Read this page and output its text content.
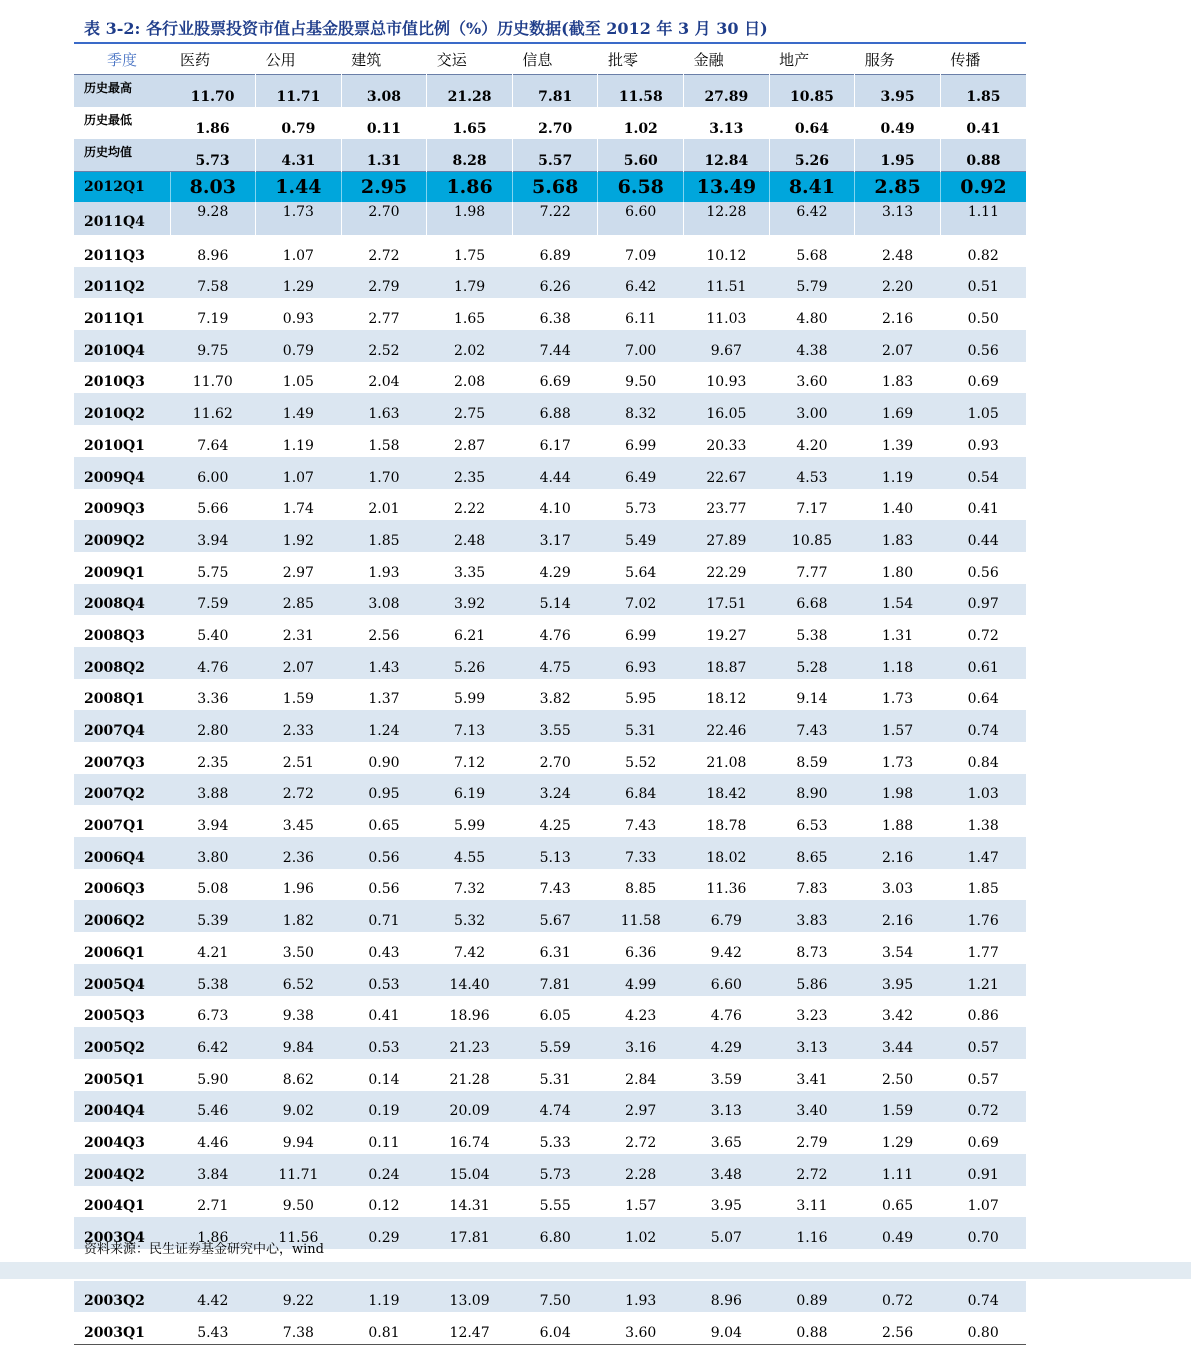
表 3-2: 各行业股票投资市值占基金股票总市值比例（%）历史数据(截至 2012 年 3 月 30 日)
季度	医药	公用	建筑	交运	信息	批零	金融	地产	服务	传播
历史最高	11.70	11.71	3.08	21.28	7.81	11.58	27.89	10.85	3.95	1.85
历史最低	1.86	0.79	0.11	1.65	2.70	1.02	3.13	0.64	0.49	0.41
历史均值	5.73	4.31	1.31	8.28	5.57	5.60	12.84	5.26	1.95	0.88
2012Q1	8.03	1.44	2.95	1.86	5.68	6.58	13.49	8.41	2.85	0.92
2011Q4	9.28	1.73	2.70	1.98	7.22	6.60	12.28	6.42	3.13	1.11
2011Q3	8.96	1.07	2.72	1.75	6.89	7.09	10.12	5.68	2.48	0.82
2011Q2	7.58	1.29	2.79	1.79	6.26	6.42	11.51	5.79	2.20	0.51
2011Q1	7.19	0.93	2.77	1.65	6.38	6.11	11.03	4.80	2.16	0.50
2010Q4	9.75	0.79	2.52	2.02	7.44	7.00	9.67	4.38	2.07	0.56
2010Q3	11.70	1.05	2.04	2.08	6.69	9.50	10.93	3.60	1.83	0.69
2010Q2	11.62	1.49	1.63	2.75	6.88	8.32	16.05	3.00	1.69	1.05
2010Q1	7.64	1.19	1.58	2.87	6.17	6.99	20.33	4.20	1.39	0.93
2009Q4	6.00	1.07	1.70	2.35	4.44	6.49	22.67	4.53	1.19	0.54
2009Q3	5.66	1.74	2.01	2.22	4.10	5.73	23.77	7.17	1.40	0.41
2009Q2	3.94	1.92	1.85	2.48	3.17	5.49	27.89	10.85	1.83	0.44
2009Q1	5.75	2.97	1.93	3.35	4.29	5.64	22.29	7.77	1.80	0.56
2008Q4	7.59	2.85	3.08	3.92	5.14	7.02	17.51	6.68	1.54	0.97
2008Q3	5.40	2.31	2.56	6.21	4.76	6.99	19.27	5.38	1.31	0.72
2008Q2	4.76	2.07	1.43	5.26	4.75	6.93	18.87	5.28	1.18	0.61
2008Q1	3.36	1.59	1.37	5.99	3.82	5.95	18.12	9.14	1.73	0.64
2007Q4	2.80	2.33	1.24	7.13	3.55	5.31	22.46	7.43	1.57	0.74
2007Q3	2.35	2.51	0.90	7.12	2.70	5.52	21.08	8.59	1.73	0.84
2007Q2	3.88	2.72	0.95	6.19	3.24	6.84	18.42	8.90	1.98	1.03
2007Q1	3.94	3.45	0.65	5.99	4.25	7.43	18.78	6.53	1.88	1.38
2006Q4	3.80	2.36	0.56	4.55	5.13	7.33	18.02	8.65	2.16	1.47
2006Q3	5.08	1.96	0.56	7.32	7.43	8.85	11.36	7.83	3.03	1.85
2006Q2	5.39	1.82	0.71	5.32	5.67	11.58	6.79	3.83	2.16	1.76
2006Q1	4.21	3.50	0.43	7.42	6.31	6.36	9.42	8.73	3.54	1.77
2005Q4	5.38	6.52	0.53	14.40	7.81	4.99	6.60	5.86	3.95	1.21
2005Q3	6.73	9.38	0.41	18.96	6.05	4.23	4.76	3.23	3.42	0.86
2005Q2	6.42	9.84	0.53	21.23	5.59	3.16	4.29	3.13	3.44	0.57
2005Q1	5.90	8.62	0.14	21.28	5.31	2.84	3.59	3.41	2.50	0.57
2004Q4	5.46	9.02	0.19	20.09	4.74	2.97	3.13	3.40	1.59	0.72
2004Q3	4.46	9.94	0.11	16.74	5.33	2.72	3.65	2.79	1.29	0.69
2004Q2	3.84	11.71	0.24	15.04	5.73	2.28	3.48	2.72	1.11	0.91
2004Q1	2.71	9.50	0.12	14.31	5.55	1.57	3.95	3.11	0.65	1.07
2003Q4	1.86	11.56	0.29	17.81	6.80	1.02	5.07	1.16	0.49	0.70

2003Q2	4.42	9.22	1.19	13.09	7.50	1.93	8.96	0.89	0.72	0.74
2003Q1	5.43	7.38	0.81	12.47	6.04	3.60	9.04	0.88	2.56	0.80
资料来源：民生证券基金研究中心，wind
